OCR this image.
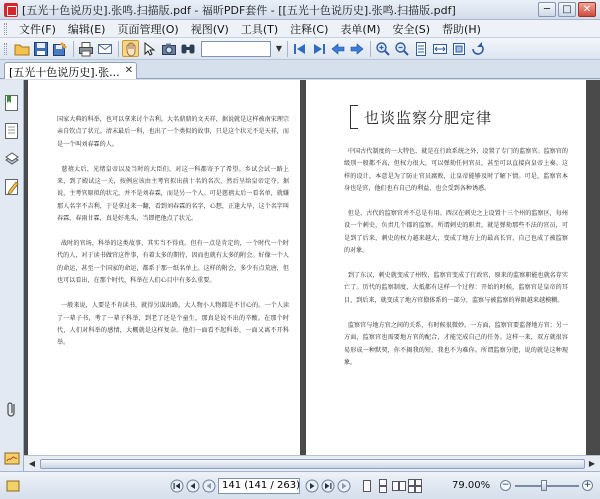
[五光十色说历史].张鸣.扫描版.pdf - 福昕PDF套件 - [[五光十色说历史].张鸣.扫描版.pdf]	─	□	✕
文件(F)	编辑(E)	页面管理(O)	视图(V)	工具(T)	注释(C)	表单(M)	安全(S)	帮助(H)
▼
[五光十色说历史].张... ✕
国家大典的科举，也可以拿来讨个吉利。大名鼎鼎的文天祥，据说就是这样被南宋理宗亲自钦点了状元。清末最后一科，也出了一个类似的故事，只是这个状元不是天祥，而是一个叫刘春霖的人。

慈禧太后、光绪皇帝以及当时的大臣们，对这一科都寄予了希望。乡试会试一路上来，到了殿试这一关，按例应该由主考官拟出前十名的名次，然后呈给皇帝定夺。据说，主考官原拟的状元，并不是刘春霖，而是另一个人。可是慈禧太后一看名单，就嫌那人名字不吉利，于是拿过来一翻，看到刘春霖的名字，心想，正逢大旱，这个名字叫春霖，春雨甘霖，真是好兆头，当即把他点了状元。

战时的官场，科举的这类故事，其实当不得真。但有一点是肯定的，一个时代一个时代的人，对于读书做官这件事，有着太多的期待，因而也就有太多的附会。好像一个人的命运，甚至一个国家的命运，都系于那一纸名单上。这样的附会，多少有点荒唐，但也可以看出，在那个时代，科举在人们心目中有多么重要。

一般来说，人要是不肯读书，就得另谋出路。大人物小人物都是不甘心的。一个人读了一辈子书，考了一辈子科举，到老了还是个童生，那真是说不出的辛酸。在那个时代，人们对科举的感情，大概就是这样复杂。他们一面看不起科举，一面又离不开科举。
也谈监察分肥定律
中国古代制度的一大特色，就是在行政系统之外，设置了专门的监察官。监察官的级别一般都不高，但权力很大，可以弹劾任何官员，甚至可以直接向皇帝上奏。这样的设计，本意是为了防止官员腐败，让皇帝能够及时了解下情。可是，监察官本身也是官，他们也有自己的利益，也会受到各种诱惑。

但是，古代的监察官并不总是有用。西汉在刺史之上设置十三个州的监察区，每州设一个刺史，负责几个郡的监察。所谓刺史的职责，就是弹劾那些不法的官员，可是到了后来，刺史的权力越来越大，变成了地方上的最高长官，自己也成了被监察的对象。

到了东汉，刺史就变成了州牧，监察官变成了行政官，原来的监察职能也就名存实亡了。历代的监察制度，大抵都有这样一个过程：开始的时候，监察官是皇帝的耳目，到后来，就变成了地方官僚体系的一部分，监察与被监察的界限越来越模糊。

监察官与地方官之间的关系，有时候很微妙。一方面，监察官要监督地方官；另一方面，监察官也需要地方官的配合，才能完成自己的任务。这样一来，双方就很容易形成一种默契，你不揭我的短，我也不为难你。所谓监察分肥，说的就是这种现象。
◀	▶
141 (141 / 263)	79.00% −	+
